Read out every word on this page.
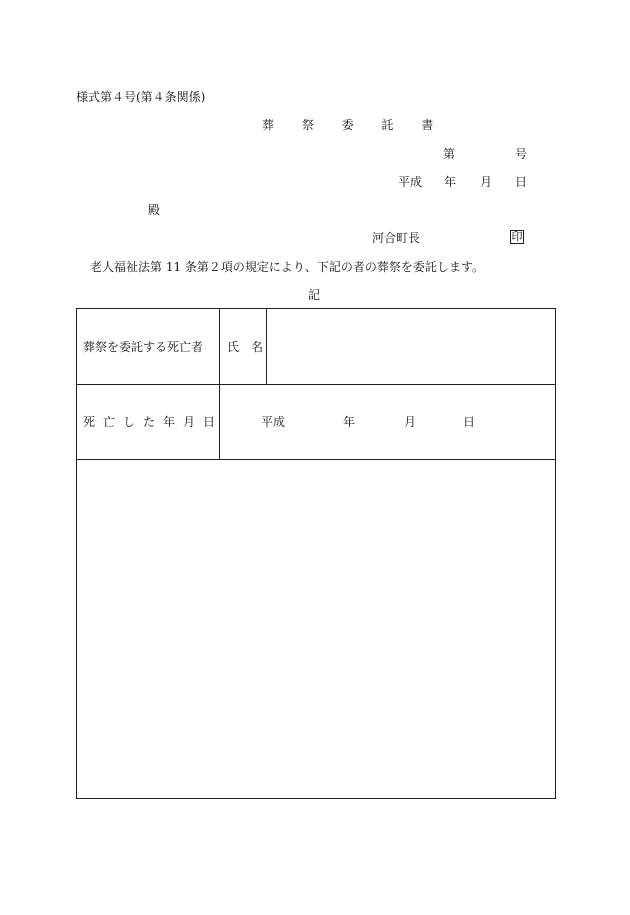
様式第４号(第４条関係)
葬 祭 委 託 書
第	号
平成 年 月 日
殿
河合町長	印
老人福祉法第 11 条第２項の規定により、下記の者の葬祭を委託します。
記
葬祭を委託する死亡者 氏　名
死亡した年月日	平成	年	月	日
